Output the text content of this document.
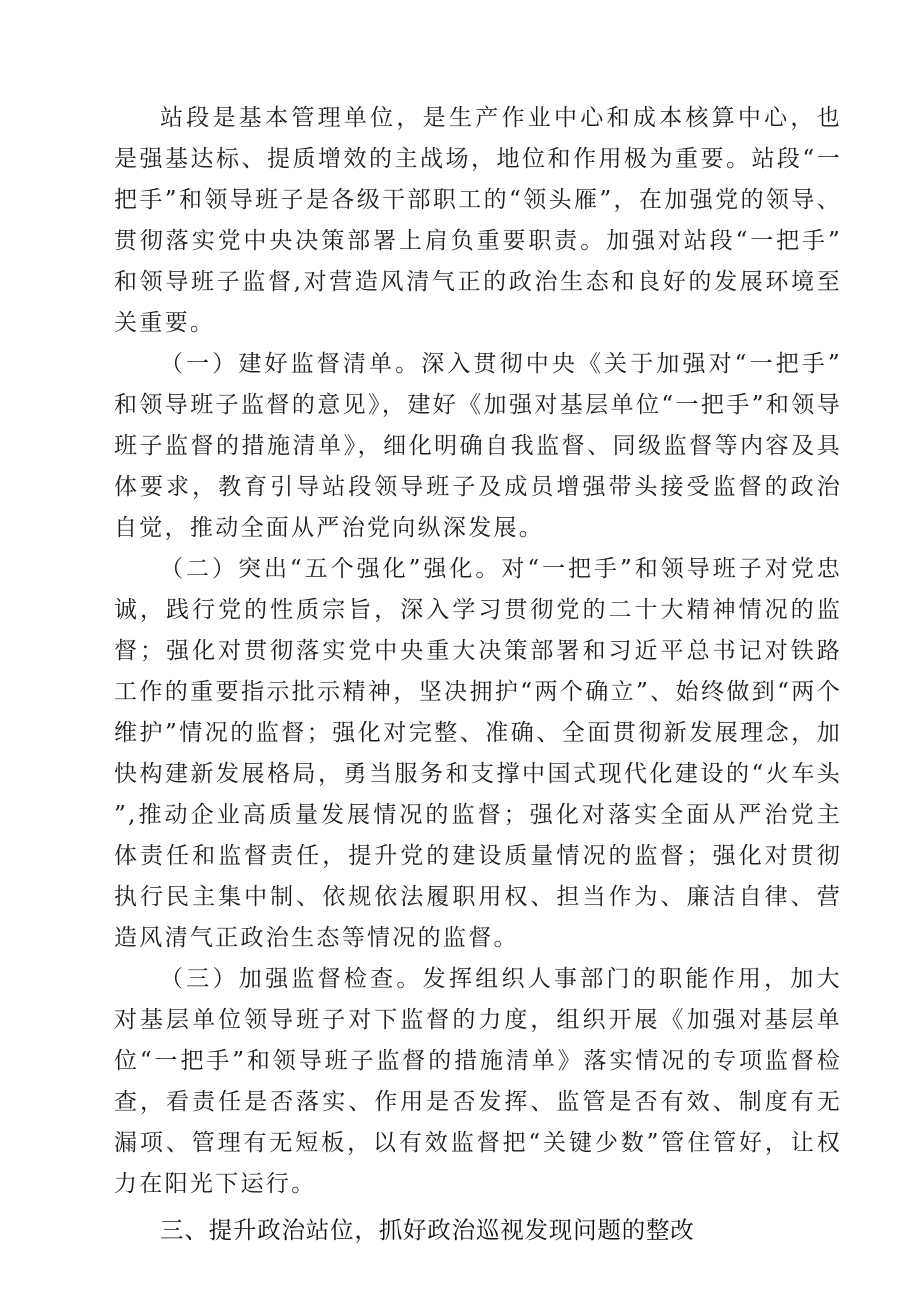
站段是基本管理单位，是生产作业中心和成本核算中心，也是强基达标、提质增效的主战场，地位和作用极为重要。站段“一把手”和领导班子是各级干部职工的“领头雁”，在加强党的领导、贯彻落实党中央决策部署上肩负重要职责。加强对站段“一把手”和领导班子监督,对营造风清气正的政治生态和良好的发展环境至关重要。

（一）建好监督清单。深入贯彻中央《关于加强对“一把手”和领导班子监督的意见》，建好《加强对基层单位“一把手”和领导班子监督的措施清单》，细化明确自我监督、同级监督等内容及具体要求，教育引导站段领导班子及成员增强带头接受监督的政治自觉，推动全面从严治党向纵深发展。

（二）突出“五个强化”强化。对“一把手”和领导班子对党忠诚，践行党的性质宗旨，深入学习贯彻党的二十大精神情况的监督；强化对贯彻落实党中央重大决策部署和习近平总书记对铁路工作的重要指示批示精神，坚决拥护“两个确立”、始终做到“两个维护”情况的监督；强化对完整、准确、全面贯彻新发展理念，加快构建新发展格局，勇当服务和支撑中国式现代化建设的“火车头”,推动企业高质量发展情况的监督；强化对落实全面从严治党主体责任和监督责任，提升党的建设质量情况的监督；强化对贯彻执行民主集中制、依规依法履职用权、担当作为、廉洁自律、营造风清气正政治生态等情况的监督。

（三）加强监督检查。发挥组织人事部门的职能作用，加大对基层单位领导班子对下监督的力度，组织开展《加强对基层单位“一把手”和领导班子监督的措施清单》落实情况的专项监督检查，看责任是否落实、作用是否发挥、监管是否有效、制度有无漏项、管理有无短板，以有效监督把“关键少数”管住管好，让权力在阳光下运行。

三、提升政治站位，抓好政治巡视发现问题的整改
